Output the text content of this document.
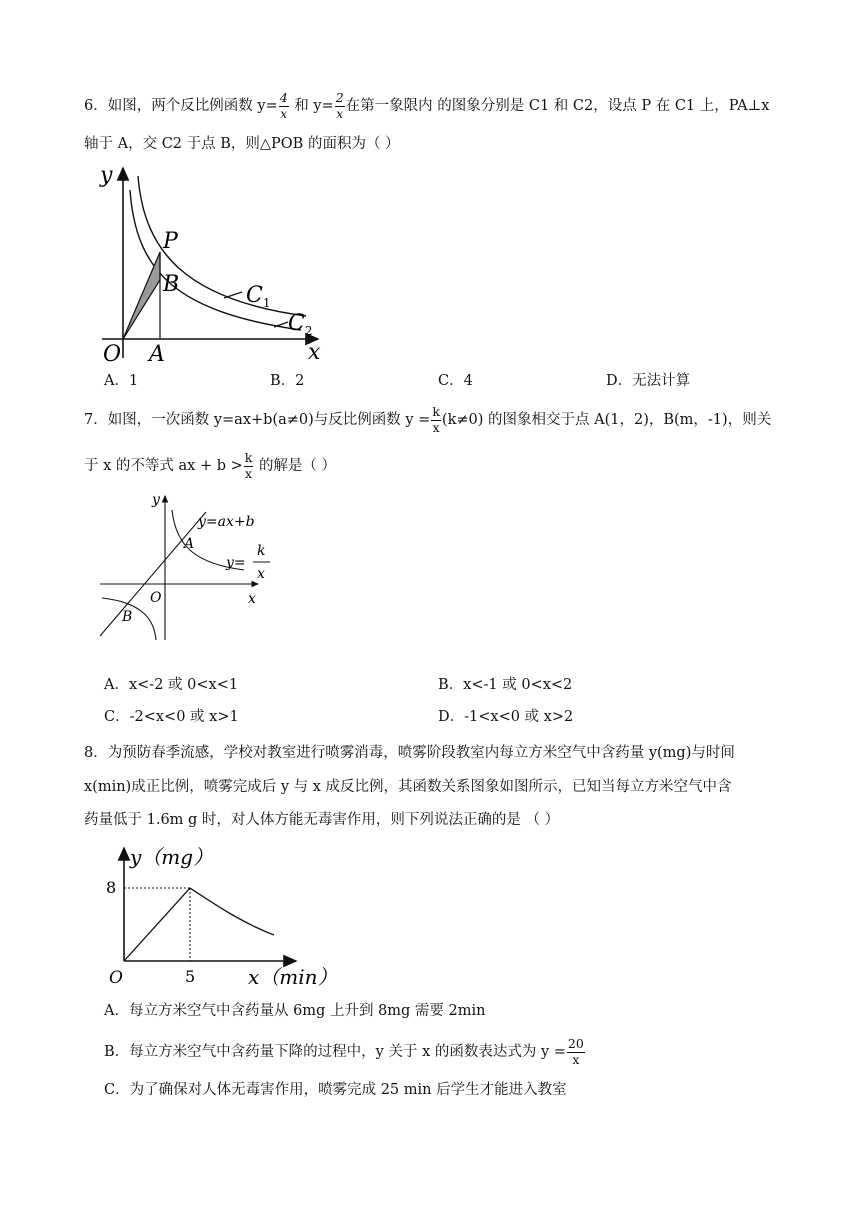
6．如图，两个反比例函数 $y= \frac{4}{x}$ 和 $y= \frac{2}{x}$ 在第一象限内 的图象分别是 C1 和 C2，设点 P 在 C1 上，PA⊥x
轴于 A，交 C2 于点 B，则△POB 的面积为（ ）
y
x
O
P
B
A
$C_1$
$C_2$
A．1	B．2	C．4	D．无法计算
7．如图，一次函数 y=ax+b(a≠0)与反比例函数 $y = \frac{k}{x} (k\ne 0)$ 的图象相交于点 A(1，2)，B(m，-1)，则关
于 x 的不等式 ax + $b > \frac{k}{x}$ 的解是（ ）
y
x
O
y=ax+b
A
B
y=
k
x
A．x<-2 或 0<x<1	B．x<-1 或 0<x<2
C．-2<x<0 或 x>1	D．-1<x<0 或 x>2
8．为预防春季流感，学校对教室进行喷雾消毒，喷雾阶段教室内每立方米空气中含药量 y(mg)与时间
x(min)成正比例，喷雾完成后 y 与 x 成反比例，其函数关系图象如图所示，已知当每立方米空气中含
药量低于 1.6m g 时，对人体方能无毒害作用，则下列说法正确的是 （ ）
y（mg）
x（min）
O
8
5
A．每立方米空气中含药量从 6mg 上升到 8mg 需要 2min
B．每立方米空气中含药量下降的过程中，y 关于 x 的函数表达式为 $y = \frac{20}{x}$
C．为了确保对人体无毒害作用，喷雾完成 25 min 后学生才能进入教室
